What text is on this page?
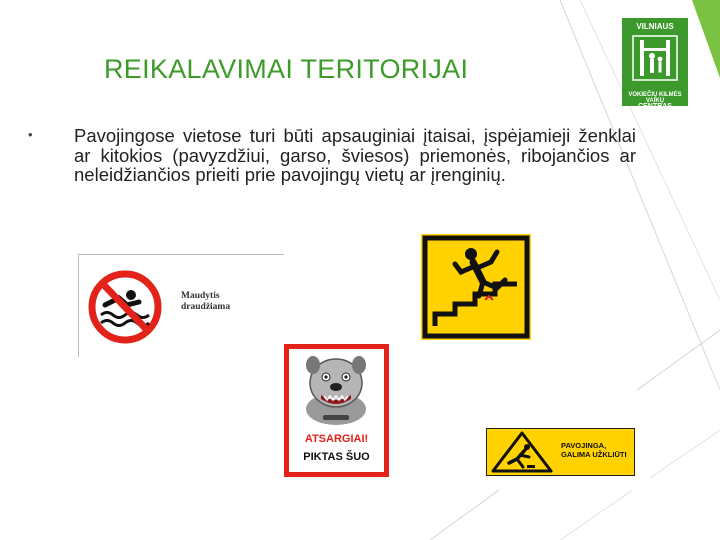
REIKALAVIMAI TERITORIJAI
VILNIAUS
VOKIEČIŲ KILMĖS VAIKŲ
CENTRAS
• Pavojingose vietose turi būti apsauginiai įtaisai, įspėjamieji ženklai ar kitokios (pavyzdžiui, garso, šviesos) priemonės, ribojančios ar neleidžiančios prieiti prie pavojingų vietų ar įrenginių.
Maudytis
draudžiama
ATSARGIAI!
PIKTAS ŠUO
PAVOJINGA,
GALIMA UŽKLIŪTI
